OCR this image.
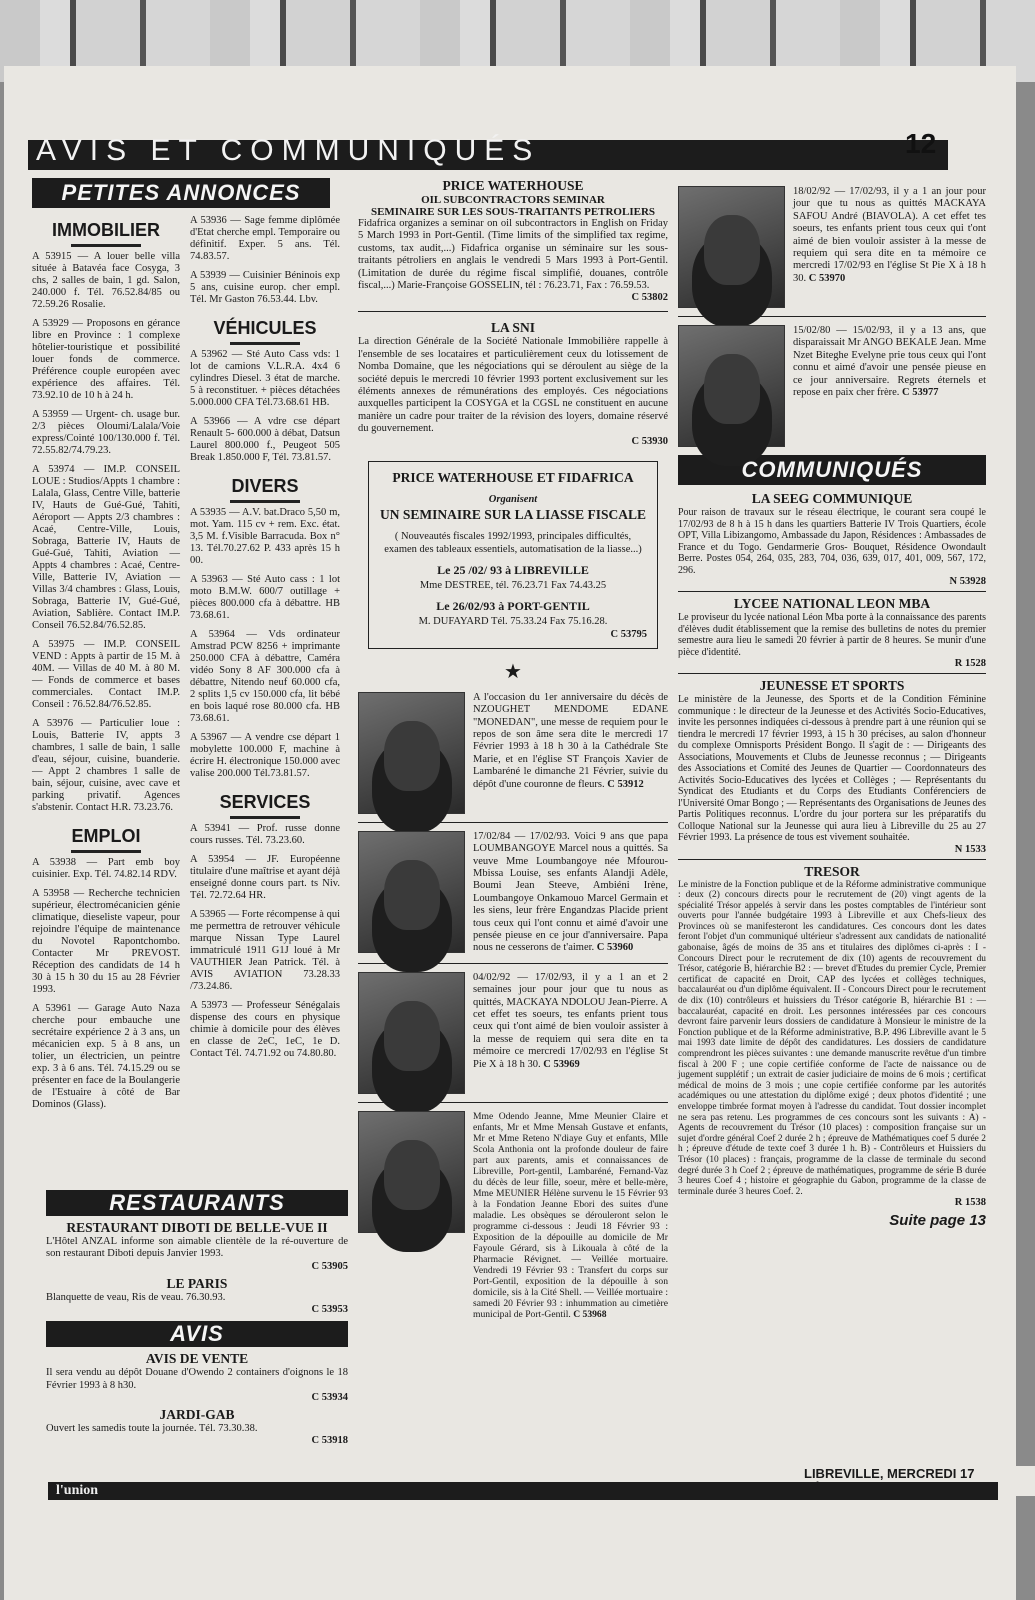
AVIS ET COMMUNIQUÉS	12
PETITES ANNONCES
IMMOBILIER

A 53915 — A louer belle villa située à Batavéa face Cosyga, 3 chs, 2 salles de bain, 1 gd. Salon, 240.000 f. Tél. 76.52.84/85 ou 72.59.26 Rosalie.

A 53929 — Proposons en gérance libre en Province : 1 complexe hôtelier-touristique et possibilité louer fonds de commerce. Préférence couple européen avec expérience des affaires. Tél. 73.92.10 de 10 h à 24 h.

A 53959 — Urgent- ch. usage bur. 2/3 pièces Oloumi/Lalala/Voie express/Cointé 100/130.000 f. Tél. 72.55.82/74.79.23.

A 53974 — IM.P. CONSEIL LOUE : Studios/Appts 1 chambre : Lalala, Glass, Centre Ville, batterie IV, Hauts de Gué-Gué, Tahiti, Aéroport — Appts 2/3 chambres : Acaé, Centre-Ville, Louis, Sobraga, Batterie IV, Hauts de Gué-Gué, Tahiti, Aviation — Appts 4 chambres : Acaé, Centre-Ville, Batterie IV, Aviation — Villas 3/4 chambres : Glass, Louis, Sobraga, Batterie IV, Gué-Gué, Aviation, Sablière. Contact IM.P. Conseil 76.52.84/76.52.85.

A 53975 — IM.P. CONSEIL VEND : Appts à partir de 15 M. à 40M. — Villas de 40 M. à 80 M. — Fonds de commerce et bases commerciales. Contact IM.P. Conseil : 76.52.84/76.52.85.

A 53976 — Particulier loue : Louis, Batterie IV, appts 3 chambres, 1 salle de bain, 1 salle d'eau, séjour, cuisine, buanderie. — Appt 2 chambres 1 salle de bain, séjour, cuisine, avec cave et parking privatif. Agences s'abstenir. Contact H.R. 73.23.76.

EMPLOI

A 53938 — Part emb boy cuisinier. Exp. Tél. 74.82.14 RDV.

A 53958 — Recherche technicien supérieur, électromécanicien génie climatique, dieseliste vapeur, pour rejoindre l'équipe de maintenance du Novotel Rapontchombo. Contacter Mr PREVOST. Réception des candidats de 14 h 30 à 15 h 30 du 15 au 28 Février 1993.

A 53961 — Garage Auto Naza cherche pour embauche une secrétaire expérience 2 à 3 ans, un mécanicien exp. 5 à 8 ans, un tolier, un électricien, un peintre exp. 3 à 6 ans. Tél. 74.15.29 ou se présenter en face de la Boulangerie de l'Estuaire à côté de Bar Dominos (Glass).

A 53936 — Sage femme diplômée d'Etat cherche empl. Temporaire ou définitif. Exper. 5 ans. Tél. 74.83.57.

A 53939 — Cuisinier Béninois exp 5 ans, cuisine europ. cher empl. Tél. Mr Gaston 76.53.44. Lbv.

VÉHICULES

A 53962 — Sté Auto Cass vds: 1 lot de camions V.L.R.A. 4x4 6 cylindres Diesel. 3 état de marche. 5 à reconstituer. + pièces détachées 5.000.000 CFA Tél.73.68.61 HB.

A 53966 — A vdre cse départ Renault 5- 600.000 à débat, Datsun Laurel 800.000 f., Peugeot 505 Break 1.850.000 F, Tél. 73.81.57.

DIVERS

A 53935 — A.V. bat.Draco 5,50 m, mot. Yam. 115 cv + rem. Exc. état. 3,5 M. f.Visible Barracuda. Box n° 13. Tél.70.27.62 P. 433 après 15 h 00.

A 53963 — Sté Auto cass : 1 lot moto B.M.W. 600/7 outillage + pièces 800.000 cfa à débattre. HB 73.68.61.

A 53964 — Vds ordinateur Amstrad PCW 8256 + imprimante 250.000 CFA à débattre, Caméra vidéo Sony 8 AF 300.000 cfa à débattre, Nitendo neuf 60.000 cfa, 2 splits 1,5 cv 150.000 cfa, lit bébé en bois laqué rose 80.000 cfa. HB 73.68.61.

A 53967 — A vendre cse départ 1 mobylette 100.000 F, machine à écrire H. électronique 150.000 avec valise 200.000 Tél.73.81.57.

SERVICES

A 53941 — Prof. russe donne cours russes. Tél. 73.23.60.

A 53954 — JF. Européenne titulaire d'une maîtrise et ayant déjà enseigné donne cours part. ts Niv. Tél. 72.72.64 HR.

A 53965 — Forte récompense à qui me permettra de retrouver véhicule marque Nissan Type Laurel immatriculé 1911 G1J loué à Mr VAUTHIER Jean Patrick. Tél. à AVIS AVIATION 73.28.33 /73.24.86.

A 53973 — Professeur Sénégalais dispense des cours en physique chimie à domicile pour des élèves en classe de 2eC, 1eC, 1e D. Contact Tél. 74.71.92 ou 74.80.80.

RESTAURANTS

RESTAURANT DIBOTI DE BELLE-VUE II

L'Hôtel ANZAL informe son aimable clientèle de la ré-ouverture de son restaurant Diboti depuis Janvier 1993.

C 53905

LE PARIS

Blanquette de veau, Ris de veau. 76.30.93.

C 53953
AVIS

AVIS DE VENTE

Il sera vendu au dépôt Douane d'Owendo 2 containers d'oignons le 18 Février 1993 à 8 h30.

C 53934

JARDI-GAB

Ouvert les samedis toute la journée. Tél. 73.30.38.

C 53918

PRICE WATERHOUSE

OIL SUBCONTRACTORS SEMINAR

SEMINAIRE SUR LES SOUS-TRAITANTS PETROLIERS

Fidafrica organizes a seminar on oil subcontractors in English on Friday 5 March 1993 in Port-Gentil. (Time limits of the simplified tax regime, customs, tax audit,...) Fidafrica organise un séminaire sur les sous-traitants pétroliers en anglais le vendredi 5 Mars 1993 à Port-Gentil. (Limitation de durée du régime fiscal simplifié, douanes, contrôle fiscal,...) Marie-Françoise GOSSELIN, tél : 76.23.71, Fax : 76.59.53.

C 53802

LA SNI

La direction Générale de la Société Nationale Immobilière rappelle à l'ensemble de ses locataires et particulièrement ceux du lotissement de Nomba Domaine, que les négociations qui se déroulent au siège de la société depuis le mercredi 10 février 1993 portent exclusivement sur les éléments annexes de rémunérations des employés. Ces négociations auxquelles participent la COSYGA et la CGSL ne constituent en aucune manière un cadre pour traiter de la révision des loyers, domaine réservé du gouvernement.

C 53930

PRICE WATERHOUSE ET FIDAFRICA

Organisent

UN SEMINAIRE SUR LA LIASSE FISCALE

( Nouveautés fiscales 1992/1993, principales difficultés,

examen des tableaux essentiels, automatisation de la liasse...)

Le 25 /02/ 93 à LIBREVILLE

Mme DESTREE, tél. 76.23.71 Fax 74.43.25

Le 26/02/93 à PORT-GENTIL

M. DUFAYARD Tél. 75.33.24 Fax 75.16.28.

C 53795
★
A l'occasion du 1er anniversaire du décès de NZOUGHET MENDOME EDANE "MONEDAN", une messe de requiem pour le repos de son âme sera dite le mercredi 17 Février 1993 à 18 h 30 à la Cathédrale Ste Marie, et en l'église ST François Xavier de Lambaréné le dimanche 21 Février, suivie du dépôt d'une couronne de fleurs. C 53912
17/02/84 — 17/02/93. Voici 9 ans que papa LOUMBANGOYE Marcel nous a quittés. Sa veuve Mme Loumbangoye née Mfourou-Mbissa Louise, ses enfants Alandji Adèle, Boumi Jean Steeve, Ambiéni Irène, Loumbangoye Onkamouo Marcel Germain et les siens, leur frère Engandzas Placide prient tous ceux qui l'ont connu et aimé d'avoir une pensée pieuse en ce jour d'anniversaire. Papa nous ne cesserons de t'aimer. C 53960
04/02/92 — 17/02/93, il y a 1 an et 2 semaines jour pour jour que tu nous as quittés, MACKAYA NDOLOU Jean-Pierre. A cet effet tes soeurs, tes enfants prient tous ceux qui t'ont aimé de bien vouloir assister à la messe de requiem qui sera dite en ta mémoire ce mercredi 17/02/93 en l'église St Pie X à 18 h 30. C 53969
Mme Odendo Jeanne, Mme Meunier Claire et enfants, Mr et Mme Mensah Gustave et enfants, Mr et Mme Reteno N'diaye Guy et enfants, Mlle Scola Anthonia ont la profonde douleur de faire part aux parents, amis et connaissances de Libreville, Port-gentil, Lambaréné, Fernand-Vaz du décès de leur fille, soeur, mère et belle-mère, Mme MEUNIER Hélène survenu le 15 Février 93 à la Fondation Jeanne Ebori des suites d'une maladie. Les obsèques se dérouleront selon le programme ci-dessous : Jeudi 18 Février 93 : Exposition de la dépouille au domicile de Mr Fayoule Gérard, sis à Likouala à côté de la Pharmacie Révignet. — Veillée mortuaire. Vendredi 19 Février 93 : Transfert du corps sur Port-Gentil, exposition de la dépouille à son domicile, sis à la Cité Shell. — Veillée mortuaire : samedi 20 Février 93 : inhummation au cimetière municipal de Port-Gentil. C 53968
18/02/92 — 17/02/93, il y a 1 an jour pour jour que tu nous as quittés MACKAYA SAFOU André (BIAVOLA). A cet effet tes soeurs, tes enfants prient tous ceux qui t'ont aimé de bien vouloir assister à la messe de requiem qui sera dite en ta mémoire ce mercredi 17/02/93 en l'église St Pie X à 18 h 30. C 53970
15/02/80 — 15/02/93, il y a 13 ans, que disparaissait Mr ANGO BEKALE Jean. Mme Nzet Biteghe Evelyne prie tous ceux qui l'ont connu et aimé d'avoir une pensée pieuse en ce jour anniversaire. Regrets éternels et repose en paix cher frère. C 53977
COMMUNIQUÉS

LA SEEG COMMUNIQUE

Pour raison de travaux sur le réseau électrique, le courant sera coupé le 17/02/93 de 8 h à 15 h dans les quartiers Batterie IV Trois Quartiers, école OPT, Villa Libizangomo, Ambassade du Japon, Résidences : Ambassades de France et du Togo. Gendarmerie Gros- Bouquet, Résidence Owondault Berre. Postes 054, 264, 035, 283, 704, 036, 639, 017, 401, 009, 567, 172, 296.

N 53928

LYCEE NATIONAL LEON MBA

Le proviseur du lycée national Léon Mba porte à la connaissance des parents d'élèves dudit établissement que la remise des bulletins de notes du premier semestre aura lieu le samedi 20 février à partir de 8 heures. Se munir d'une pièce d'identité.

R 1528

JEUNESSE ET SPORTS

Le ministère de la Jeunesse, des Sports et de la Condition Féminine communique : le directeur de la Jeunesse et des Activités Socio-Educatives, invite les personnes indiquées ci-dessous à prendre part à une réunion qui se tiendra le mercredi 17 février 1993, à 15 h 30 précises, au salon d'honneur du complexe Omnisports Président Bongo. Il s'agit de : — Dirigeants des Associations, Mouvements et Clubs de Jeunesse reconnus ; — Dirigeants des Associations et Comité des Jeunes de Quartier — Coordonnateurs des Activités Socio-Educatives des lycées et Collèges ; — Représentants du Syndicat des Etudiants et du Corps des Etudiants Conférenciers de l'Université Omar Bongo ; — Représentants des Organisations de Jeunes des Partis Politiques reconnus. L'ordre du jour portera sur les préparatifs du Colloque National sur la Jeunesse qui aura lieu à Libreville du 25 au 27 Février 1993. La présence de tous est vivement souhaitée.

N 1533

TRESOR

Le ministre de la Fonction publique et de la Réforme administrative communique : deux (2) concours directs pour le recrutement de (20) vingt agents de la spécialité Trésor appelés à servir dans les postes comptables de l'intérieur sont ouverts pour l'année budgétaire 1993 à Libreville et aux Chefs-lieux des Provinces où se manifesteront les candidatures. Ces concours dont les dates feront l'objet d'un communiqué ultérieur s'adressent aux candidats de nationalité gabonaise, âgés de moins de 35 ans et titulaires des diplômes ci-après : I - Concours Direct pour le recrutement de dix (10) agents de recouvrement du Trésor, catégorie B, hiérarchie B2 : — brevet d'Etudes du premier Cycle, Premier certificat de capacité en Droit, CAP des lycées et collèges techniques, baccalauréat ou d'un diplôme équivalent. II - Concours Direct pour le recrutement de dix (10) contrôleurs et huissiers du Trésor catégorie B, hiérarchie B1 : — baccalauréat, capacité en droit. Les personnes intéressées par ces concours devront faire parvenir leurs dossiers de candidature à Monsieur le ministre de la Fonction publique et de la Réforme administrative, B.P. 496 Libreville avant le 5 mai 1993 date limite de dépôt des candidatures. Les dossiers de candidature comprendront les pièces suivantes : une demande manuscrite revêtue d'un timbre fiscal à 200 F ; une copie certifiée conforme de l'acte de naissance ou de jugement supplétif ; un extrait de casier judiciaire de moins de 6 mois ; certificat médical de moins de 3 mois ; une copie certifiée conforme par les autorités académiques ou une attestation du diplôme exigé ; deux photos d'identité ; une enveloppe timbrée format moyen à l'adresse du candidat. Tout dossier incomplet ne sera pas retenu. Les programmes de ces concours sont les suivants : A) - Agents de recouvrement du Trésor (10 places) : composition française sur un sujet d'ordre général Coef 2 durée 2 h ; épreuve de Mathématiques coef 5 durée 2 h ; épreuve d'étude de texte coef 3 durée 1 h. B) - Contrôleurs et Huissiers du Trésor (10 places) : français, programme de la classe de terminale du second degré durée 3 h Coef 2 ; épreuve de mathématiques, programme de série B durée 3 heures Coef 4 ; histoire et géographie du Gabon, programme de la classe de terminale durée 3 heures Coef. 2.

R 1538
Suite page 13
LIBREVILLE, MERCREDI 17
l'union
